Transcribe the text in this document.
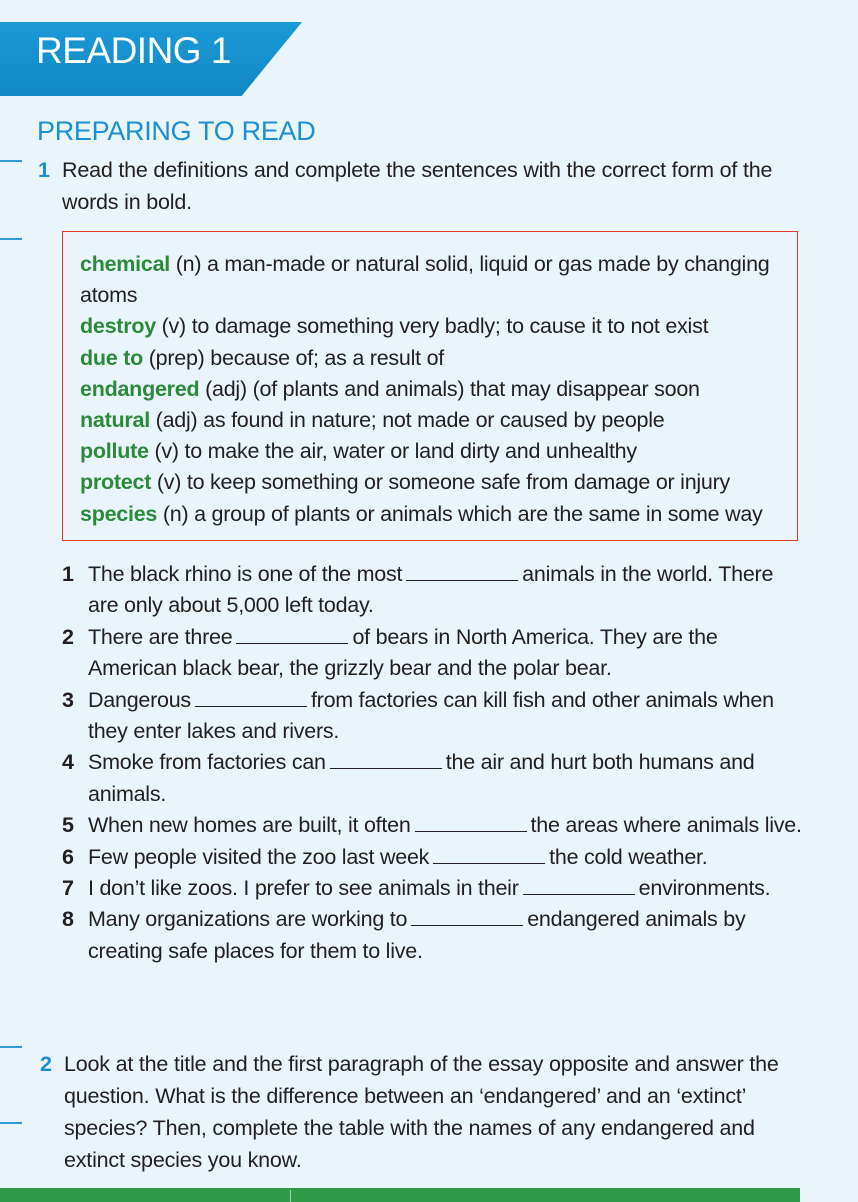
READING 1
PREPARING TO READ
1 Read the definitions and complete the sentences with the correct form of the words in bold.
chemical (n) a man-made or natural solid, liquid or gas made by changing atoms
destroy (v) to damage something very badly; to cause it to not exist
due to (prep) because of; as a result of
endangered (adj) (of plants and animals) that may disappear soon
natural (adj) as found in nature; not made or caused by people
pollute (v) to make the air, water or land dirty and unhealthy
protect (v) to keep something or someone safe from damage or injury
species (n) a group of plants or animals which are the same in some way
1 The black rhino is one of the most	animals in the world. There are only about 5,000 left today.
2 There are three	of bears in North America. They are the American black bear, the grizzly bear and the polar bear.
3 Dangerous	from factories can kill fish and other animals when they enter lakes and rivers.
4 Smoke from factories can	the air and hurt both humans and animals.
5 When new homes are built, it often	the areas where animals live.
6 Few people visited the zoo last week	the cold weather.
7 I don’t like zoos. I prefer to see animals in their	environments.
8 Many organizations are working to	endangered animals by creating safe places for them to live.
2 Look at the title and the first paragraph of the essay opposite and answer the question. What is the difference between an ‘endangered’ and an ‘extinct’ species? Then, complete the table with the names of any endangered and extinct species you know.
